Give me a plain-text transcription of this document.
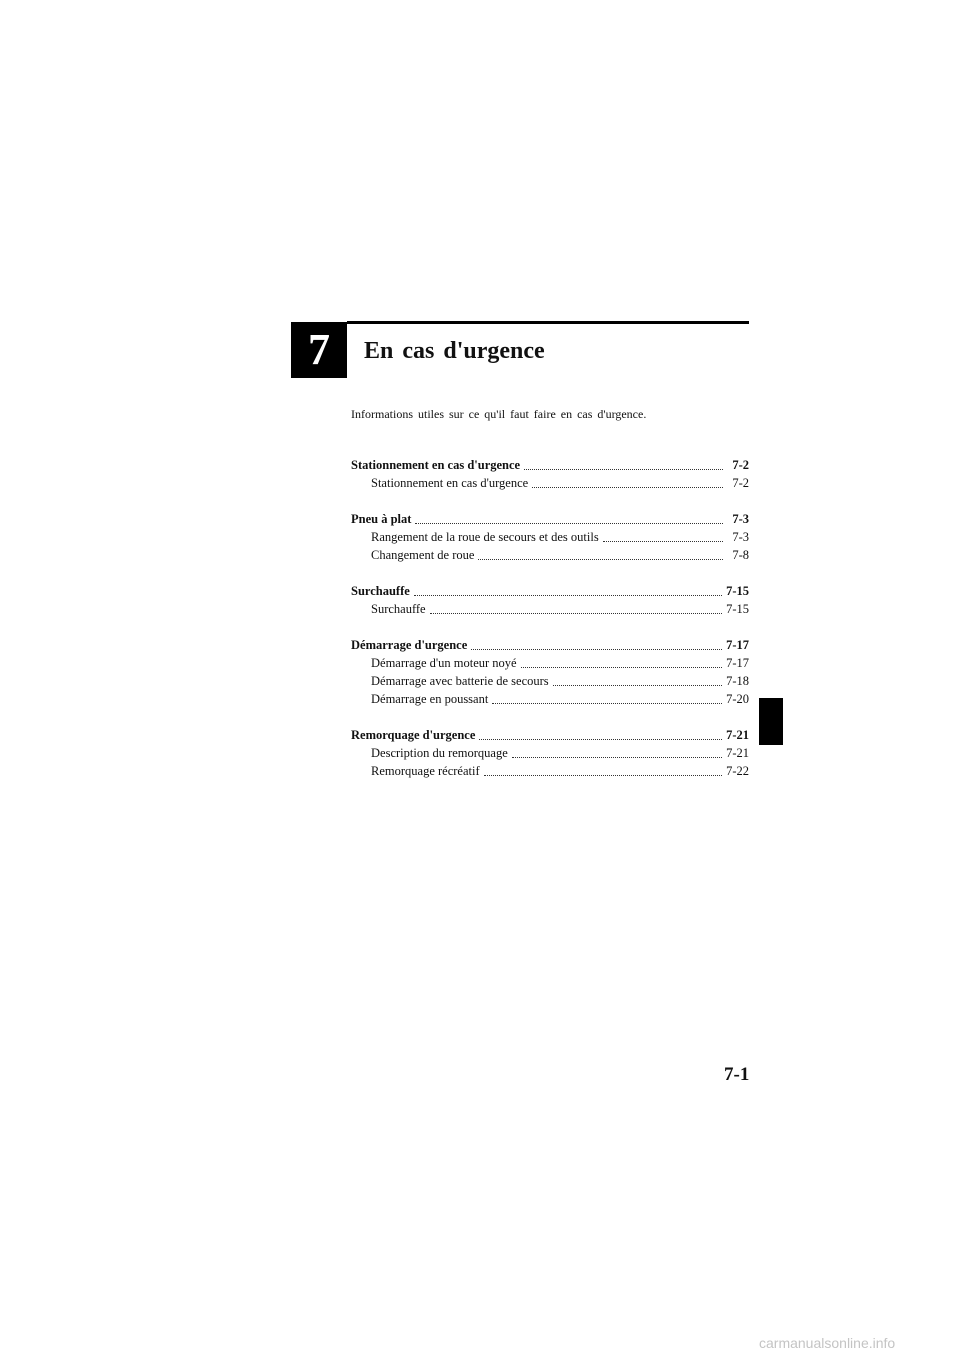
7 En cas d'urgence
Informations utiles sur ce qu'il faut faire en cas d'urgence.
Stationnement en cas d'urgence	7-2
Stationnement en cas d'urgence	7-2
Pneu à plat	7-3
Rangement de la roue de secours et des outils	7-3
Changement de roue	7-8
Surchauffe	7-15
Surchauffe	7-15
Démarrage d'urgence	7-17
Démarrage d'un moteur noyé	7-17
Démarrage avec batterie de secours	7-18
Démarrage en poussant	7-20
Remorquage d'urgence	7-21
Description du remorquage	7-21
Remorquage récréatif	7-22
7-1
carmanualsonline.info
